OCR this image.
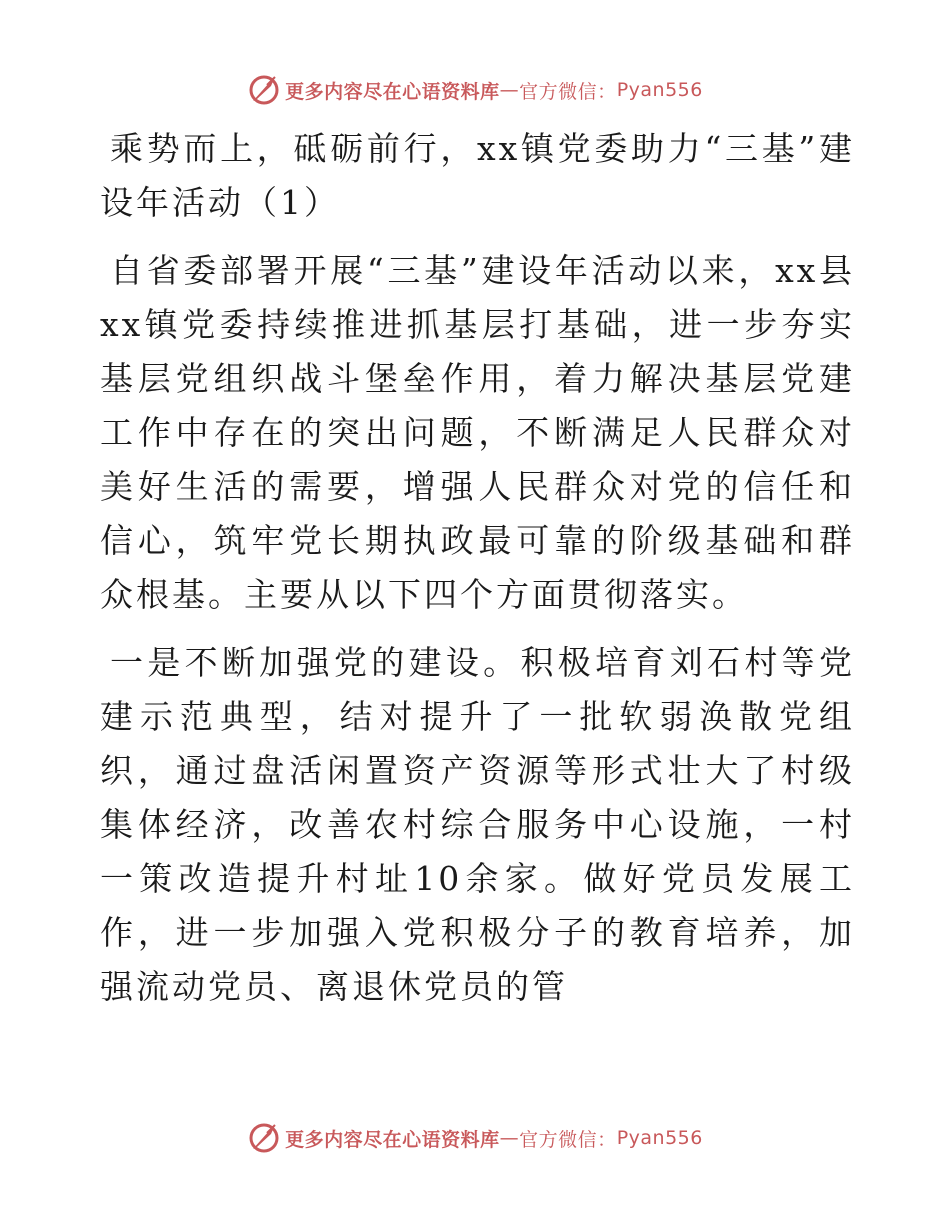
更多内容尽在心语资料库 — 官方微信： Pyan556

乘势而上，砥砺前行，xx镇党委助力“三基”建设年活动（1）

自省委部署开展“三基”建设年活动以来，xx县xx镇党委持续推进抓基层打基础，进一步夯实基层党组织战斗堡垒作用，着力解决基层党建工作中存在的突出问题，不断满足人民群众对美好生活的需要，增强人民群众对党的信任和信心，筑牢党长期执政最可靠的阶级基础和群众根基。主要从以下四个方面贯彻落实。

一是不断加强党的建设。积极培育刘石村等党建示范典型，结对提升了一批软弱涣散党组织，通过盘活闲置资产资源等形式壮大了村级集体经济，改善农村综合服务中心设施，一村一策改造提升村址10余家。做好党员发展工作，进一步加强入党积极分子的教育培养，加强流动党员、离退休党员的管

更多内容尽在心语资料库 — 官方微信： Pyan556
